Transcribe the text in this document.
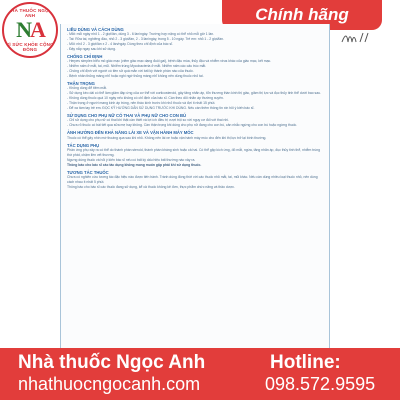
NHÀ THUỐC NGỌC ANH
NA
VÌ SỨC KHỎE CỘNG ĐỒNG
Chính hãng
LIỀU DÙNG VÀ CÁCH DÙNG

- Mắt: mỗi ngày nhỏ 1 - 2 giọt/lần, dùng 3 - 6 lần/ngày. Trường hợp nặng có thể nhỏ mỗi giờ 1 lần.

- Tai: Rửa tai, nghiêng đầu, nhỏ 2 - 3 giọt/lần, 2 - 3 lần/ngày, trong 5 - 10 ngày. Trẻ em: nhỏ 1 - 2 giọt/lần.

- Mũi: nhỏ 2 - 3 giọt/lần x 2 - 4 lần/ngày. Dùng theo chỉ định của bác sĩ.

- Đậy nắp ngay sau khi sử dụng.

CHỐNG CHỈ ĐỊNH

- Herpes simplex biểu mô giác mạc (viêm giác mạc dạng đuôi gai), bệnh đậu mùa, thủy đậu và nhiễm virus khác của giác mạc, kết mạc.

- Nhiễm nấm ở mắt, tai, mũi. Nhiễm trùng Mycobacteria ở mắt. Nhiễm nấm các cấu trúc mắt.

- Chống chỉ định với người có tiền sử quá mẫn với bất kỳ thành phần nào của thuốc.

- Bệnh nhân thủng màng nhĩ hoặc nghi ngờ thủng màng nhĩ không nên dùng thuốc nhỏ tai.

THẬN TRỌNG

- Không dùng để tiêm mắt.

- Sử dụng kéo dài có thể làm giảm đáp ứng của cơ thể với corticosteroid, gây tăng nhãn áp, tổn thương thần kinh thị giác, giảm thị lực và đục thủy tinh thể dưới bao sau.

- Không dùng thuốc quá 10 ngày nếu không có chỉ định của bác sĩ. Cần theo dõi nhãn áp thường xuyên.

- Thận trọng ở người mang kính áp tròng, nên tháo kính trước khi nhỏ thuốc và đợi ít nhất 15 phút.

- Để xa tầm tay trẻ em. ĐỌC KỸ HƯỚNG DẪN SỬ DỤNG TRƯỚC KHI DÙNG. Nếu cần thêm thông tin xin hỏi ý kiến bác sĩ.

SỬ DỤNG CHO PHỤ NỮ CÓ THAI VÀ PHỤ NỮ CHO CON BÚ

- Chỉ sử dụng cho phụ nữ có thai khi thật cần thiết và lợi ích điều trị vượt trội so với nguy cơ đối với thai nhi.

- Chưa rõ thuốc có bài tiết qua sữa mẹ hay không. Cần thận trọng khi dùng cho phụ nữ đang cho con bú, cân nhắc ngừng cho con bú hoặc ngừng thuốc.

ẢNH HƯỞNG ĐẾN KHẢ NĂNG LÁI XE VÀ VẬN HÀNH MÁY MÓC

Thuốc có thể gây nhìn mờ thoáng qua sau khi nhỏ. Không nên lái xe hoặc vận hành máy móc cho đến khi thị lực trở lại bình thường.

TÁC DỤNG PHỤ

Phản ứng phụ xảy ra có thể do thành phần steroid, thành phần kháng sinh hoặc cả hai. Có thể gặp kích ứng, đỏ mắt, ngứa, tăng nhãn áp, đục thủy tinh thể, nhiễm trùng thứ phát, chậm liền vết thương.

Ngưng dùng thuốc và hỏi ý kiến bác sĩ nếu có bất kỳ dấu hiệu bất thường nào xảy ra.

Thông báo cho bác sĩ các tác dụng không mong muốn gặp phải khi sử dụng thuốc.

TƯƠNG TÁC THUỐC

Chưa có nghiên cứu tương tác đặc hiệu nào được tiến hành. Tránh dùng đồng thời với các thuốc nhỏ mắt, tai, mũi khác. Nếu cần dùng nhiều loại thuốc nhỏ, nên dùng cách nhau ít nhất 5 phút.

Thông báo cho bác sĩ các thuốc đang sử dụng, kể cả thuốc không kê đơn, thực phẩm chức năng và thảo dược.

Nhà thuốc Ngọc Anh
nhathuocngocanh.com
Hotline:
098.572.9595
